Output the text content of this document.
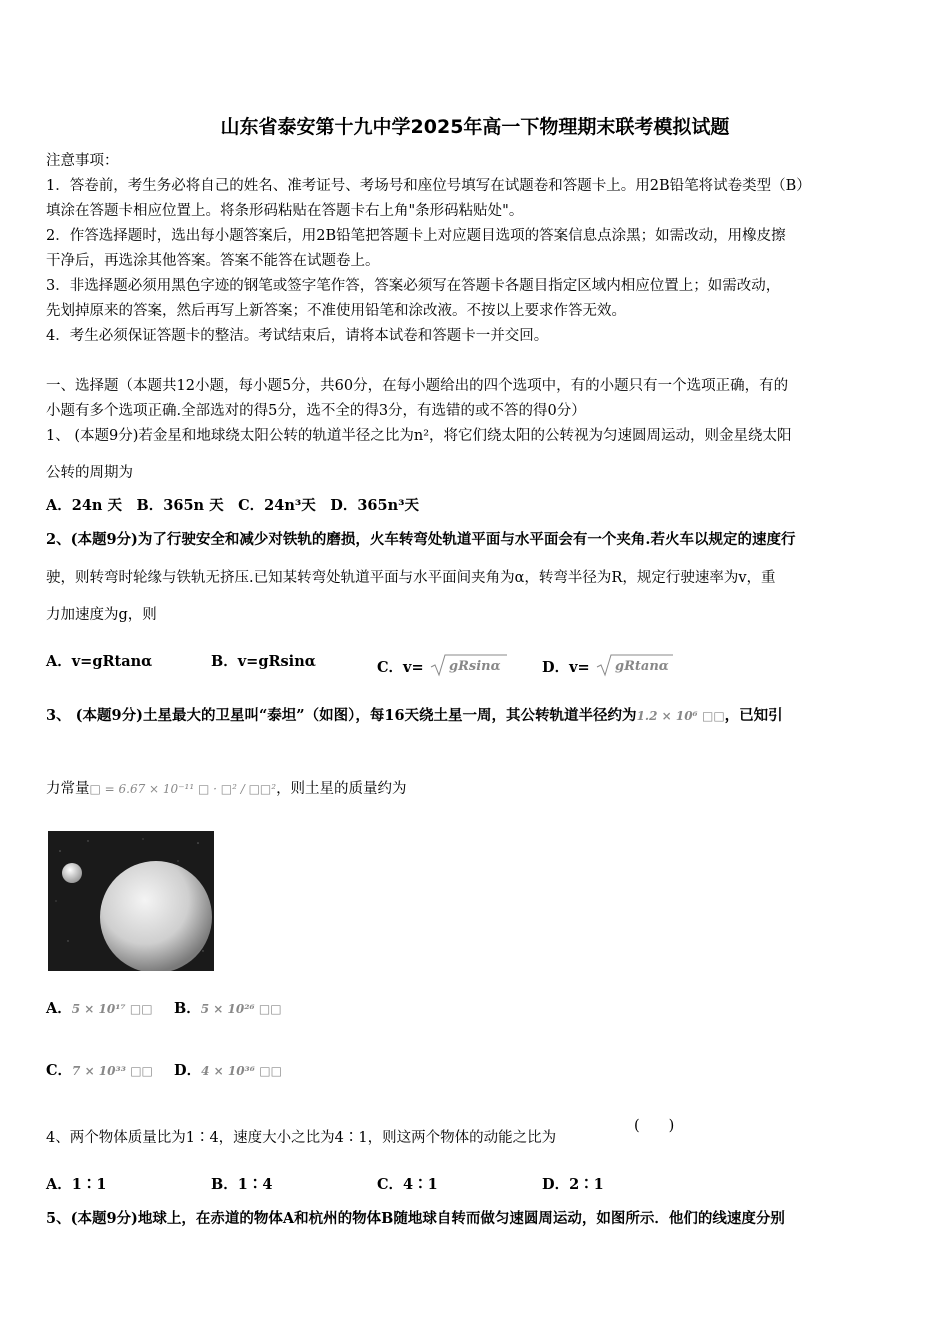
山东省泰安第十九中学2025年高一下物理期末联考模拟试题
注意事项：
1．答卷前，考生务必将自己的姓名、准考证号、考场号和座位号填写在试题卷和答题卡上。用2B铅笔将试卷类型（B）
填涂在答题卡相应位置上。将条形码粘贴在答题卡右上角"条形码粘贴处"。
2．作答选择题时，选出每小题答案后，用2B铅笔把答题卡上对应题目选项的答案信息点涂黑；如需改动，用橡皮擦
干净后，再选涂其他答案。答案不能答在试题卷上。
3．非选择题必须用黑色字迹的钢笔或签字笔作答，答案必须写在答题卡各题目指定区域内相应位置上；如需改动，
先划掉原来的答案，然后再写上新答案；不准使用铅笔和涂改液。不按以上要求作答无效。
4．考生必须保证答题卡的整洁。考试结束后，请将本试卷和答题卡一并交回。
一、选择题（本题共12小题，每小题5分，共60分，在每小题给出的四个选项中，有的小题只有一个选项正确，有的
小题有多个选项正确.全部选对的得5分，选不全的得3分，有选错的或不答的得0分）
1、 (本题9分)若金星和地球绕太阳公转的轨道半径之比为n²，将它们绕太阳的公转视为匀速圆周运动，则金星绕太阳
公转的周期为
A．24n 天　B．365n 天　C．24n³天　D．365n³天
2、(本题9分)为了行驶安全和减少对铁轨的磨损，火车转弯处轨道平面与水平面会有一个夹角.若火车以规定的速度行
驶，则转弯时轮缘与铁轨无挤压.已知某转弯处轨道平面与水平面间夹角为α，转弯半径为R，规定行驶速率为v，重
力加速度为g，则
A．v=gRtanα	B．v=gRsinα	C．v= gRsinα	D．v= gRtanα
3、 (本题9分)土星最大的卫星叫“泰坦”（如图），每16天绕土星一周，其公转轨道半径约为1.2 × 10⁶ □□，已知引
力常量□ = 6.67 × 10⁻¹¹ □ · □² / □□²，则土星的质量约为
A．5 × 10¹⁷ □□ B．5 × 10²⁶ □□
C．7 × 10³³ □□ D．4 × 10³⁶ □□
4、两个物体质量比为1∶4，速度大小之比为4∶1，则这两个物体的动能之比为
(　　)
A．1∶1	B．1∶4	C．4∶1	D．2∶1
5、(本题9分)地球上，在赤道的物体A和杭州的物体B随地球自转而做匀速圆周运动，如图所示．他们的线速度分别
